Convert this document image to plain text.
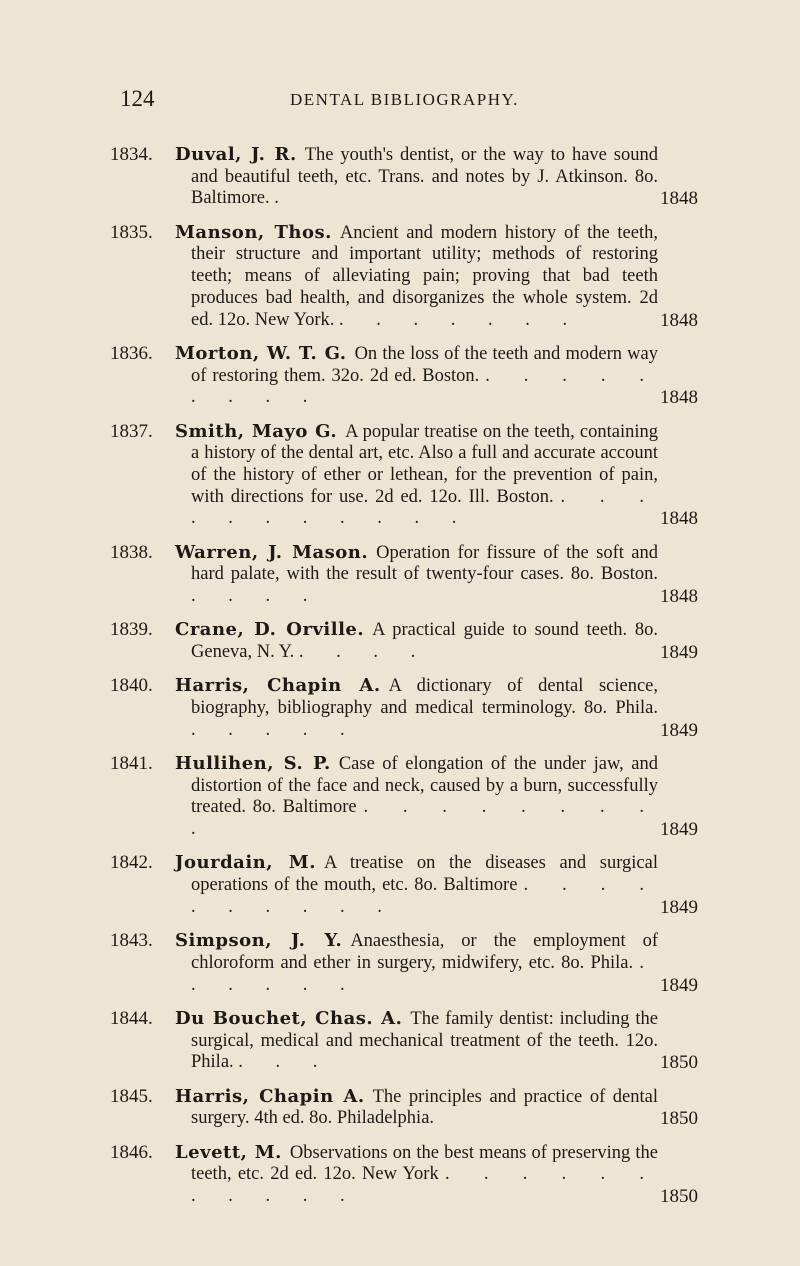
124	DENTAL BIBLIOGRAPHY.
1834. Duval, J. R. The youth's dentist, or the way to have sound and beautiful teeth, etc. Trans. and notes by J. Atkinson. 8o. Baltimore. .	1848
1835. Manson, Thos. Ancient and modern history of the teeth, their structure and important utility; methods of restoring teeth; means of alleviating pain; proving that bad teeth produces bad health, and disorganizes the whole system. 2d ed. 12o. New York. . . . . . . .	1848
1836. Morton, W. T. G. On the loss of the teeth and modern way of restoring them. 32o. 2d ed. Boston. . . . . . . . . .	1848
1837. Smith, Mayo G. A popular treatise on the teeth, containing a history of the dental art, etc. Also a full and accurate account of the history of ether or lethean, for the prevention of pain, with directions for use. 2d ed. 12o. Ill. Boston. . . . . . . . . . . .	1848
1838. Warren, J. Mason. Operation for fissure of the soft and hard palate, with the result of twenty-four cases. 8o. Boston. . . . .	1848
1839. Crane, D. Orville. A practical guide to sound teeth. 8o. Geneva, N. Y. . . . .	1849
1840. Harris, Chapin A. A dictionary of dental science, biography, bibliography and medical terminology. 8o. Phila. . . . . .	1849
1841. Hullihen, S. P. Case of elongation of the under jaw, and distortion of the face and neck, caused by a burn, successfully treated. 8o. Baltimore . . . . . . . . .	1849
1842. Jourdain, M. A treatise on the diseases and surgical operations of the mouth, etc. 8o. Baltimore . . . . . . . . . .	1849
1843. Simpson, J. Y. Anaesthesia, or the employment of chloroform and ether in surgery, midwifery, etc. 8o. Phila. . . . . . .	1849
1844. Du Bouchet, Chas. A. The family dentist: including the surgical, medical and mechanical treatment of the teeth. 12o. Phila. . . .	1850
1845. Harris, Chapin A. The principles and practice of dental surgery. 4th ed. 8o. Philadelphia.	1850
1846. Levett, M. Observations on the best means of preserving the teeth, etc. 2d ed. 12o. New York . . . . . . . . . . .	1850
